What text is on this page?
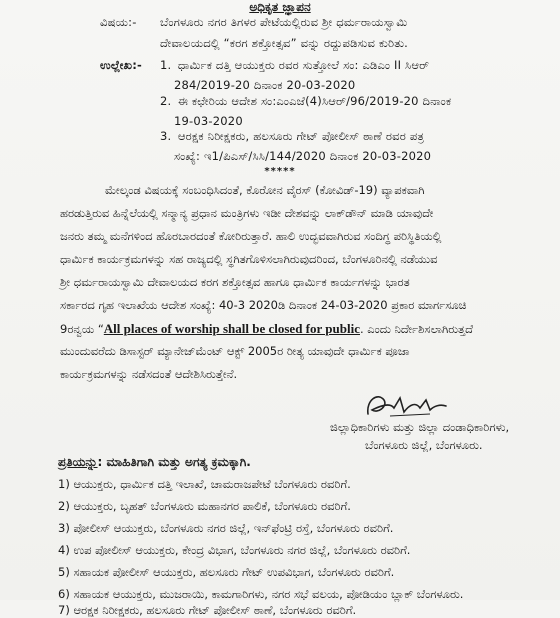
ಅಧಿಕೃತ ಜ್ಞಾಪನ
ವಿಷಯ:-	ಬೆಂಗಳೂರು ನಗರ ತಿಗಳರ ಪೇಟೆಯಲ್ಲಿರುವ ಶ್ರೀ ಧರ್ಮರಾಯಸ್ವಾಮಿ
ದೇವಾಲಯದಲ್ಲಿ “ಕರಗ ಶಕ್ತೋತ್ಸವ” ವನ್ನು ರದ್ದುಪಡಿಸುವ ಕುರಿತು.
ಉಲ್ಲೇಖ:- 1. ಧಾರ್ಮಿಕ ದತ್ತಿ ಆಯುಕ್ತರು ರವರ ಸುತ್ತೋಲೆ ಸಂ: ಎಡಿಎಂ II ಸಿಆರ್
284/2019-20 ದಿನಾಂಕ 20-03-2020
2. ಈ ಕಛೇರಿಯ ಆದೇಶ ಸಂ:ಎಂಎಜೆ(4)ಸಿಆರ್/96/2019-20 ದಿನಾಂಕ
19-03-2020
3. ಆರಕ್ಷಕ ನಿರೀಕ್ಷಕರು, ಹಲಸೂರು ಗೇಟ್ ಪೋಲೀಸ್ ಠಾಣೆ ರವರ ಪತ್ರ
ಸಂಖ್ಯೆ: ಇ1/ಪಿಎಸ್/ಸಿಸಿ/144/2020 ದಿನಾಂಕ 20-03-2020
*****
ಮೇಲ್ಕಂಡ ವಿಷಯಕ್ಕೆ ಸಂಬಂಧಿಸಿದಂತೆ, ಕೊರೋನ ವೈರಸ್ (ಕೋವಿಡ್-19) ವ್ಯಾಪಕವಾಗಿ
ಹರಡುತ್ತಿರುವ ಹಿನ್ನೆಲೆಯಲ್ಲಿ ಸನ್ಮಾನ್ಯ ಪ್ರಧಾನ ಮಂತ್ರಿಗಳು ಇಡೀ ದೇಶವನ್ನು ಲಾಕ್‌ಡೌನ್ ಮಾಡಿ ಯಾವುದೇ
ಜನರು ತಮ್ಮ ಮನೆಗಳಿಂದ ಹೊರಬಾರದಂತೆ ಕೋರಿರುತ್ತಾರೆ. ಹಾಲಿ ಉದ್ಭವವಾಗಿರುವ ಸಂದಿಗ್ಧ ಪರಿಸ್ಥಿತಿಯಲ್ಲಿ
ಧಾರ್ಮಿಕ ಕಾರ್ಯಕ್ರಮಗಳನ್ನು ಸಹ ರಾಜ್ಯದಲ್ಲಿ ಸ್ಥಗಿತಗೊಳಿಸಲಾಗಿರುವುದರಿಂದ, ಬೆಂಗಳೂರಿನಲ್ಲಿ ನಡೆಯುವ
ಶ್ರೀ ಧರ್ಮರಾಯಸ್ವಾಮಿ ದೇವಾಲಯದ ಕರಗ ಶಕ್ತೋತ್ಸವ ಹಾಗೂ ಧಾರ್ಮಿಕ ಕಾರ್ಯಗಳನ್ನು ಭಾರತ
ಸರ್ಕಾರದ ಗೃಹ ಇಲಾಖೆಯ ಆದೇಶ ಸಂಖ್ಯೆ: 40-3 2020ಡಿ ದಿನಾಂಕ 24-03-2020 ಪ್ರಕಾರ ಮಾರ್ಗಸೂಚಿ
9ರನ್ವಯ “All places of worship shall be closed for public. ಎಂದು ನಿರ್ದೇಶಿಸಲಾಗಿರುತ್ತದೆ
ಮುಂದುವರೆದು ಡಿಸಾಸ್ಟರ್ ಮ್ಯಾನೇಜ್‌ಮೆಂಟ್ ಆಕ್ಟ್ 2005ರ ರೀತ್ಯ ಯಾವುದೇ ಧಾರ್ಮಿಕ ಪೂಜಾ
ಕಾರ್ಯಕ್ರಮಗಳನ್ನು ನಡೆಸದಂತೆ ಆದೇಶಿಸಿರುತ್ತೇನೆ.
ಜಿಲ್ಲಾಧಿಕಾರಿಗಳು ಮತ್ತು ಜಿಲ್ಲಾ ದಂಡಾಧಿಕಾರಿಗಳು,
ಬೆಂಗಳೂರು ಜಿಲ್ಲೆ, ಬೆಂಗಳೂರು.
ಪ್ರತಿಯನ್ನು: ಮಾಹಿತಿಗಾಗಿ ಮತ್ತು ಅಗತ್ಯ ಕ್ರಮಕ್ಕಾಗಿ.
1) ಆಯುಕ್ತರು, ಧಾರ್ಮಿಕ ದತ್ತಿ ಇಲಾಖೆ, ಚಾಮರಾಜಪೇಟೆ ಬೆಂಗಳೂರು ರವರಿಗೆ.
2) ಆಯುಕ್ತರು, ಬೃಹತ್ ಬೆಂಗಳೂರು ಮಹಾನಗರ ಪಾಲಿಕೆ, ಬೆಂಗಳೂರು ರವರಿಗೆ.
3) ಪೋಲೀಸ್ ಆಯುಕ್ತರು, ಬೆಂಗಳೂರು ನಗರ ಜಿಲ್ಲೆ, ಇನ್‌ಫೆಂಟ್ರಿ ರಸ್ತೆ, ಬೆಂಗಳೂರು ರವರಿಗೆ.
4) ಉಪ ಪೋಲೀಸ್ ಆಯುಕ್ತರು, ಕೇಂದ್ರ ವಿಭಾಗ, ಬೆಂಗಳೂರು ನಗರ ಜಿಲ್ಲೆ, ಬೆಂಗಳೂರು ರವರಿಗೆ.
5) ಸಹಾಯಕ ಪೋಲೀಸ್ ಆಯುಕ್ತರು, ಹಲಸೂರು ಗೇಟ್ ಉಪವಿಭಾಗ, ಬೆಂಗಳೂರು ರವರಿಗೆ.
6) ಸಹಾಯಕ ಆಯುಕ್ತರು, ಮುಜರಾಯಿ, ಕಾಮಗಾರಿಗಳು, ನಗರ ಸಭೆ ವಲಯ, ಪೋಡಿಯಂ ಬ್ಲಾಕ್ ಬೆಂಗಳೂರು.
7) ಆರಕ್ಷಕ ನಿರೀಕ್ಷಕರು, ಹಲಸೂರು ಗೇಟ್ ಪೋಲೀಸ್ ಠಾಣೆ, ಬೆಂಗಳೂರು ರವರಿಗೆ.
